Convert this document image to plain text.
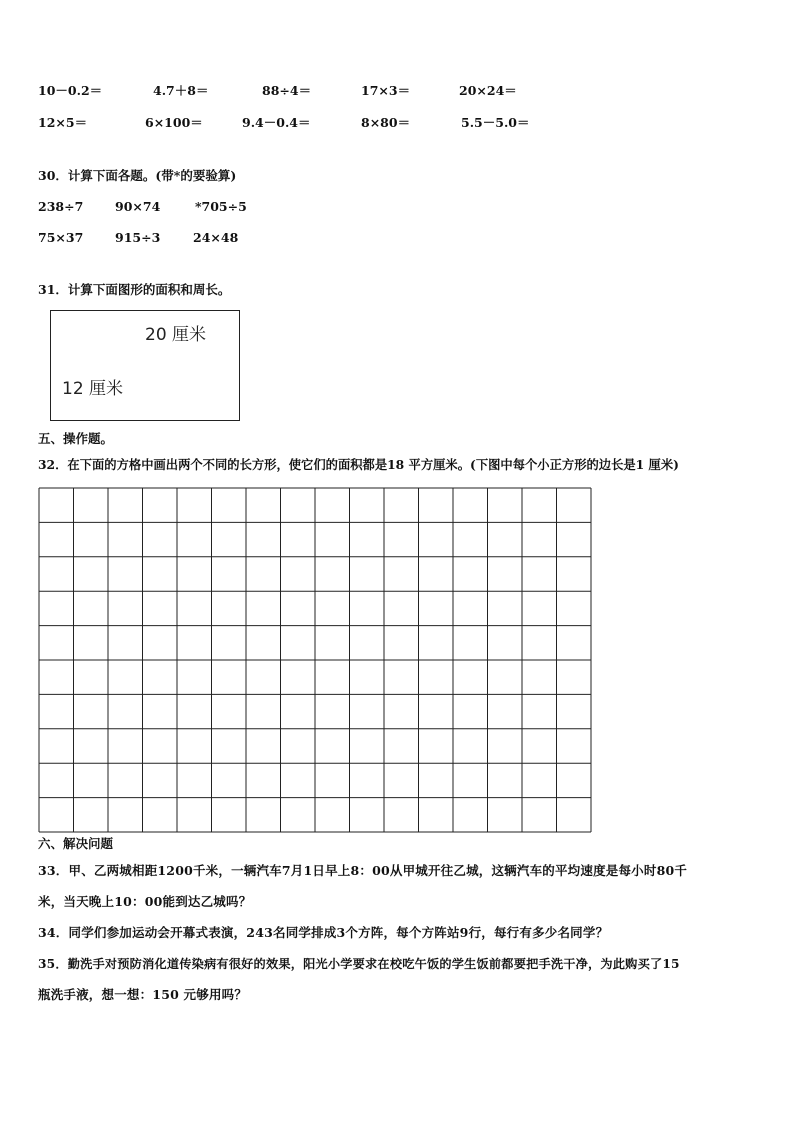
10－0.2＝	4.7＋8＝	88÷4＝	17×3＝	20×24＝
12×5＝	6×100＝	9.4－0.4＝	8×80＝	5.5－5.0＝
30．计算下面各题。(带*的要验算)
238÷7	90×74	*705÷5
75×37	915÷3	24×48
31．计算下面图形的面积和周长。
20 厘米
12 厘米
五、操作题。
32．在下面的方格中画出两个不同的长方形，使它们的面积都是18 平方厘米。(下图中每个小正方形的边长是1 厘米)
六、解决问题
33．甲、乙两城相距1200千米，一辆汽车7月1日早上8：00从甲城开往乙城，这辆汽车的平均速度是每小时80千
米，当天晚上10：00能到达乙城吗？
34．同学们参加运动会开幕式表演，243名同学排成3个方阵，每个方阵站9行，每行有多少名同学？
35．勤洗手对预防消化道传染病有很好的效果，阳光小学要求在校吃午饭的学生饭前都要把手洗干净，为此购买了15
瓶洗手液，想一想：150 元够用吗？
